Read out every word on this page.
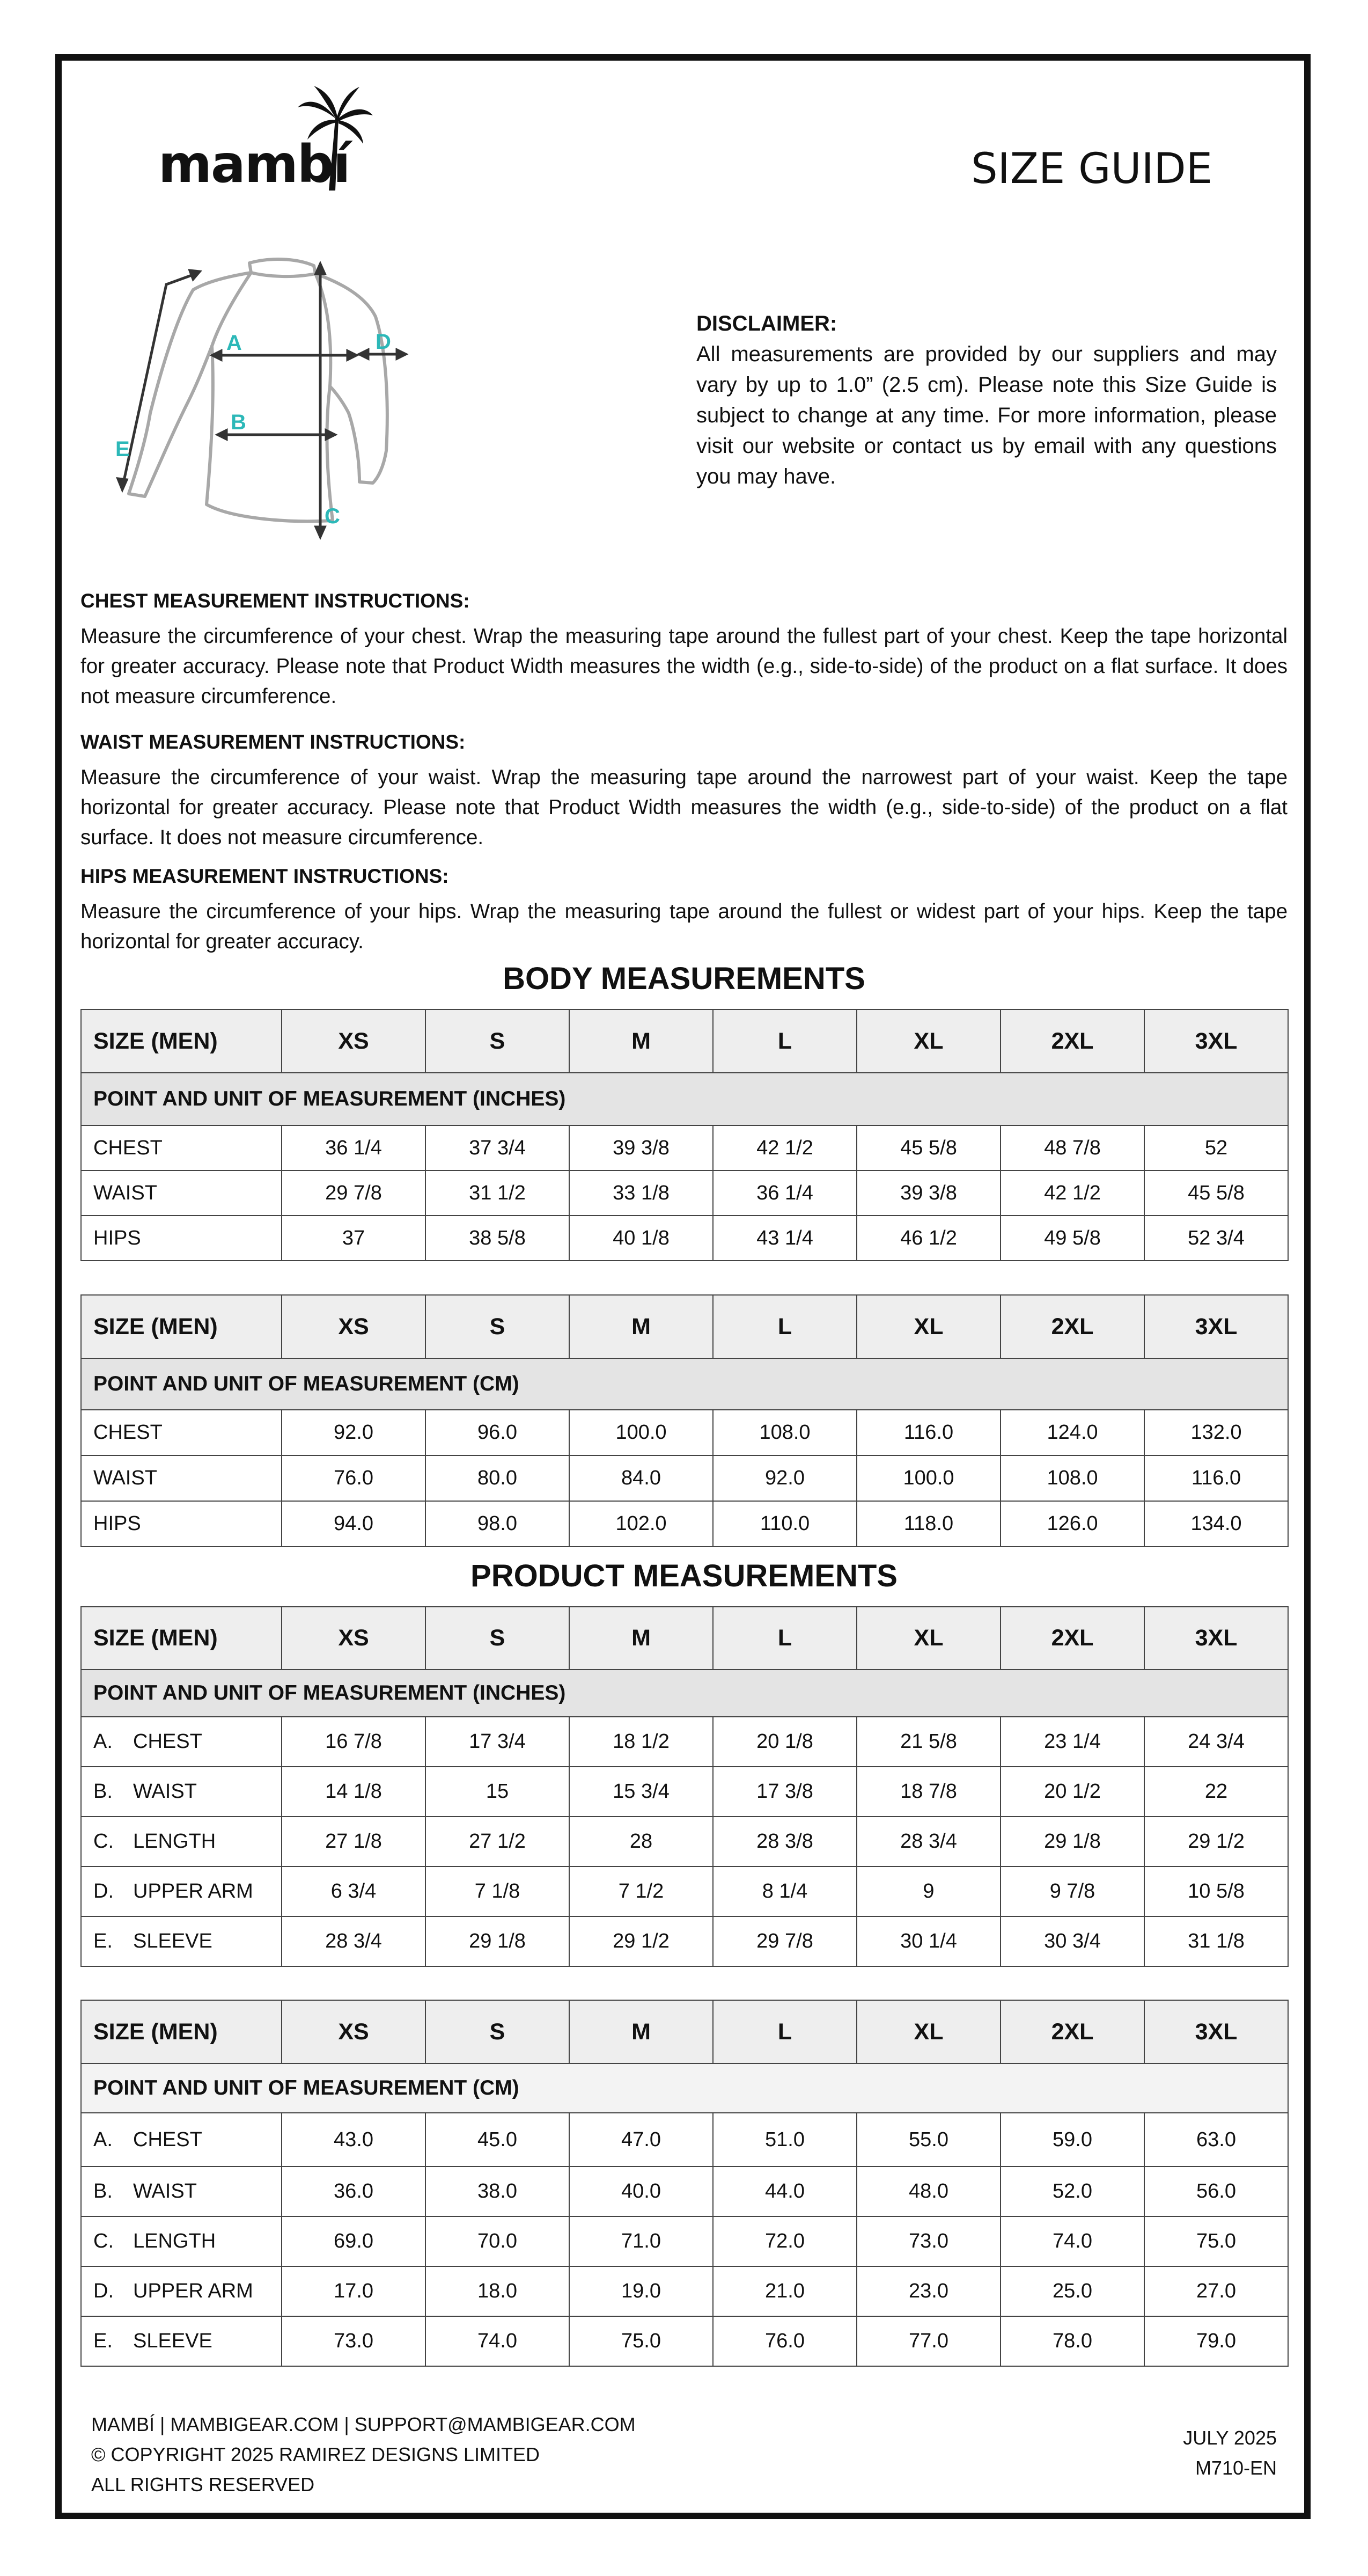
mambí	SIZE GUIDE
A
B
C
D
E
DISCLAIMER:
All measurements are provided by our suppliers and may vary by up to 1.0” (2.5 cm). Please note this Size Guide is subject to change at any time. For more information, please visit our website or contact us by email with any questions you may have.
CHEST MEASUREMENT INSTRUCTIONS:
Measure the circumference of your chest. Wrap the measuring tape around the fullest part of your chest. Keep the tape horizontal for greater accuracy. Please note that Product Width measures the width (e.g., side-to-side) of the product on a flat surface. It does not measure circumference.
WAIST MEASUREMENT INSTRUCTIONS:
Measure the circumference of your waist. Wrap the measuring tape around the narrowest part of your waist. Keep the tape horizontal for greater accuracy. Please note that Product Width measures the width (e.g., side-to-side) of the product on a flat surface. It does not measure circumference.
HIPS MEASUREMENT INSTRUCTIONS:
Measure the circumference of your hips. Wrap the measuring tape around the fullest or widest part of your hips. Keep the tape horizontal for greater accuracy.
BODY MEASUREMENTS
SIZE (MEN)	XS	S	M	L	XL	2XL	3XL
POINT AND UNIT OF MEASUREMENT (INCHES)							
CHEST	36 1/4	37 3/4	39 3/8	42 1/2	45 5/8	48 7/8	52
WAIST	29 7/8	31 1/2	33 1/8	36 1/4	39 3/8	42 1/2	45 5/8
HIPS	37	38 5/8	40 1/8	43 1/4	46 1/2	49 5/8	52 3/4
SIZE (MEN)	XS	S	M	L	XL	2XL	3XL
POINT AND UNIT OF MEASUREMENT (CM)							
CHEST	92.0	96.0	100.0	108.0	116.0	124.0	132.0
WAIST	76.0	80.0	84.0	92.0	100.0	108.0	116.0
HIPS	94.0	98.0	102.0	110.0	118.0	126.0	134.0
PRODUCT MEASUREMENTS
SIZE (MEN)	XS	S	M	L	XL	2XL	3XL
POINT AND UNIT OF MEASUREMENT (INCHES)							
A. CHEST	16 7/8	17 3/4	18 1/2	20 1/8	21 5/8	23 1/4	24 3/4
B. WAIST	14 1/8	15	15 3/4	17 3/8	18 7/8	20 1/2	22
C. LENGTH	27 1/8	27 1/2	28	28 3/8	28 3/4	29 1/8	29 1/2
D. UPPER ARM	6 3/4	7 1/8	7 1/2	8 1/4	9	9 7/8	10 5/8
E. SLEEVE	28 3/4	29 1/8	29 1/2	29 7/8	30 1/4	30 3/4	31 1/8
SIZE (MEN)	XS	S	M	L	XL	2XL	3XL
POINT AND UNIT OF MEASUREMENT (CM)							
A. CHEST	43.0	45.0	47.0	51.0	55.0	59.0	63.0
B. WAIST	36.0	38.0	40.0	44.0	48.0	52.0	56.0
C. LENGTH	69.0	70.0	71.0	72.0	73.0	74.0	75.0
D. UPPER ARM	17.0	18.0	19.0	21.0	23.0	25.0	27.0
E. SLEEVE	73.0	74.0	75.0	76.0	77.0	78.0	79.0
MAMBÍ | MAMBIGEAR.COM | SUPPORT@MAMBIGEAR.COM
© COPYRIGHT 2025 RAMIREZ DESIGNS LIMITED
ALL RIGHTS RESERVED
JULY 2025
M710-EN
